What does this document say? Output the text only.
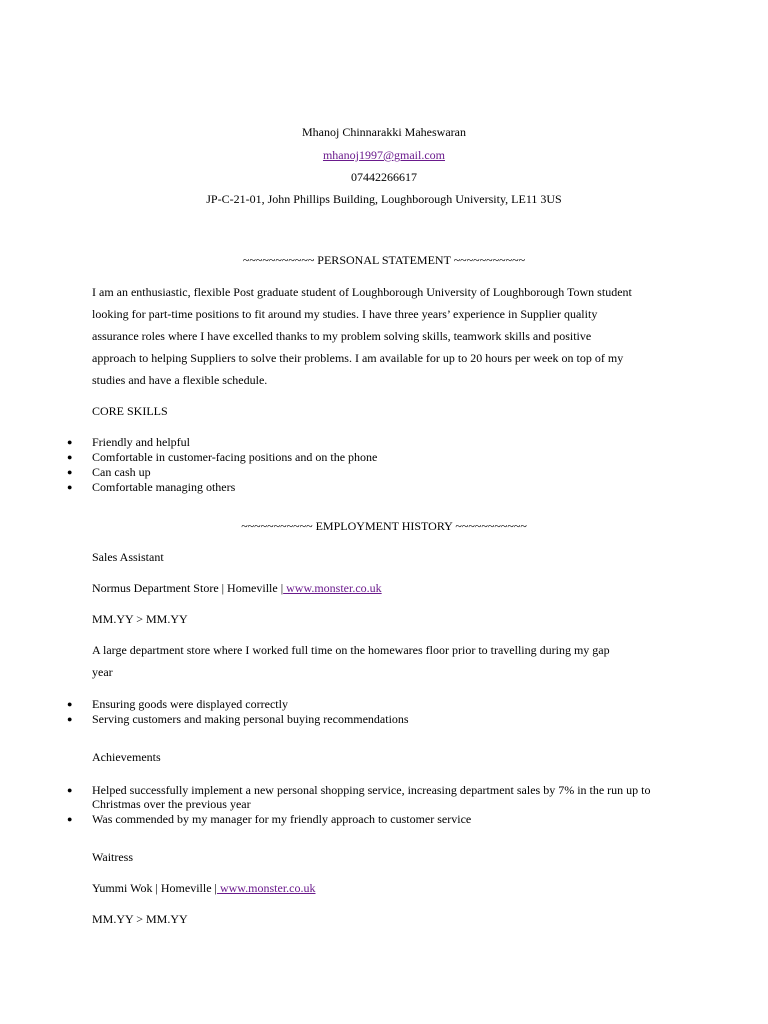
Mhanoj Chinnarakki Maheswaran
mhanoj1997@gmail.com
07442266617
JP-C-21-01, John Phillips Building, Loughborough University, LE11 3US
~~~~~~~~~~~ PERSONAL STATEMENT ~~~~~~~~~~~
I am an enthusiastic, flexible Post graduate student of Loughborough University of Loughborough Town student
looking for part-time positions to fit around my studies. I have three years’ experience in Supplier quality
assurance roles where I have excelled thanks to my problem solving skills, teamwork skills and positive
approach to helping Suppliers to solve their problems. I am available for up to 20 hours per week on top of my
studies and have a flexible schedule.
CORE SKILLS
● Friendly and helpful
● Comfortable in customer-facing positions and on the phone
● Can cash up
● Comfortable managing others
~~~~~~~~~~~ EMPLOYMENT HISTORY ~~~~~~~~~~~
Sales Assistant
Normus Department Store | Homeville | www.monster.co.uk
MM.YY > MM.YY
A large department store where I worked full time on the homewares floor prior to travelling during my gap
year
● Ensuring goods were displayed correctly
● Serving customers and making personal buying recommendations
Achievements
● Helped successfully implement a new personal shopping service, increasing department sales by 7% in the run up to Christmas over the previous year
● Was commended by my manager for my friendly approach to customer service
Waitress
Yummi Wok | Homeville | www.monster.co.uk
MM.YY > MM.YY
